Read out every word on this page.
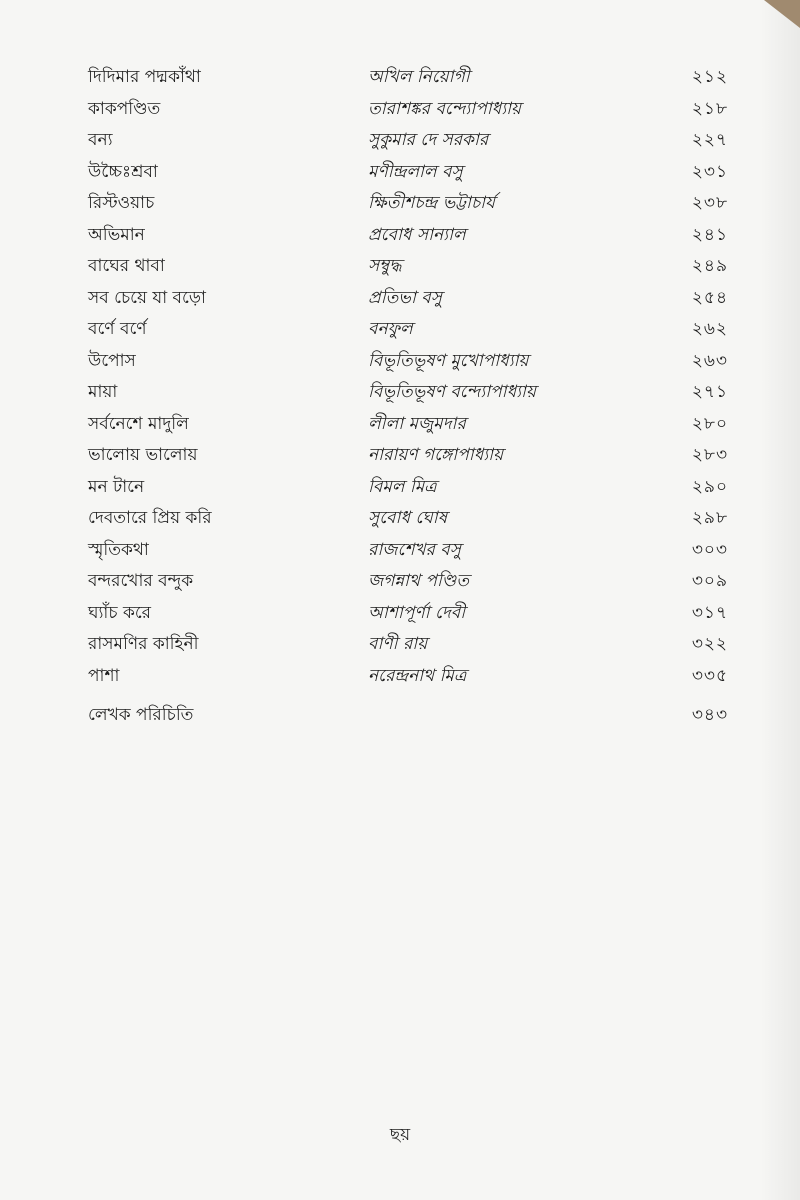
দিদিমার পদ্মকাঁথা	অখিল নিয়োগী	২১২
কাকপণ্ডিত	তারাশঙ্কর বন্দ্যোপাধ্যায়	২১৮
বন্য	সুকুমার দে সরকার	২২৭
উচ্চৈঃশ্রবা	মণীন্দ্রলাল বসু	২৩১
রিস্টওয়াচ	ক্ষিতীশচন্দ্র ভট্টাচার্য	২৩৮
অভিমান	প্রবোধ সান্যাল	২৪১
বাঘের থাবা	সম্বুদ্ধ	২৪৯
সব চেয়ে যা বড়ো	প্রতিভা বসু	২৫৪
বর্ণে বর্ণে	বনফুল	২৬২
উপোস	বিভূতিভূষণ মুখোপাধ্যায়	২৬৩
মায়া	বিভূতিভূষণ বন্দ্যোপাধ্যায়	২৭১
সর্বনেশে মাদুলি	লীলা মজুমদার	২৮০
ভালোয় ভালোয়	নারায়ণ গঙ্গোপাধ্যায়	২৮৩
মন টানে	বিমল মিত্র	২৯০
দেবতারে প্রিয় করি	সুবোধ ঘোষ	২৯৮
স্মৃতিকথা	রাজশেখর বসু	৩০৩
বন্দরখোর বন্দুক	জগন্নাথ পণ্ডিত	৩০৯
ঘ্যাঁচ করে	আশাপূর্ণা দেবী	৩১৭
রাসমণির কাহিনী	বাণী রায়	৩২২
পাশা	নরেন্দ্রনাথ মিত্র	৩৩৫
লেখক পরিচিতি	৩৪৩
ছয়
